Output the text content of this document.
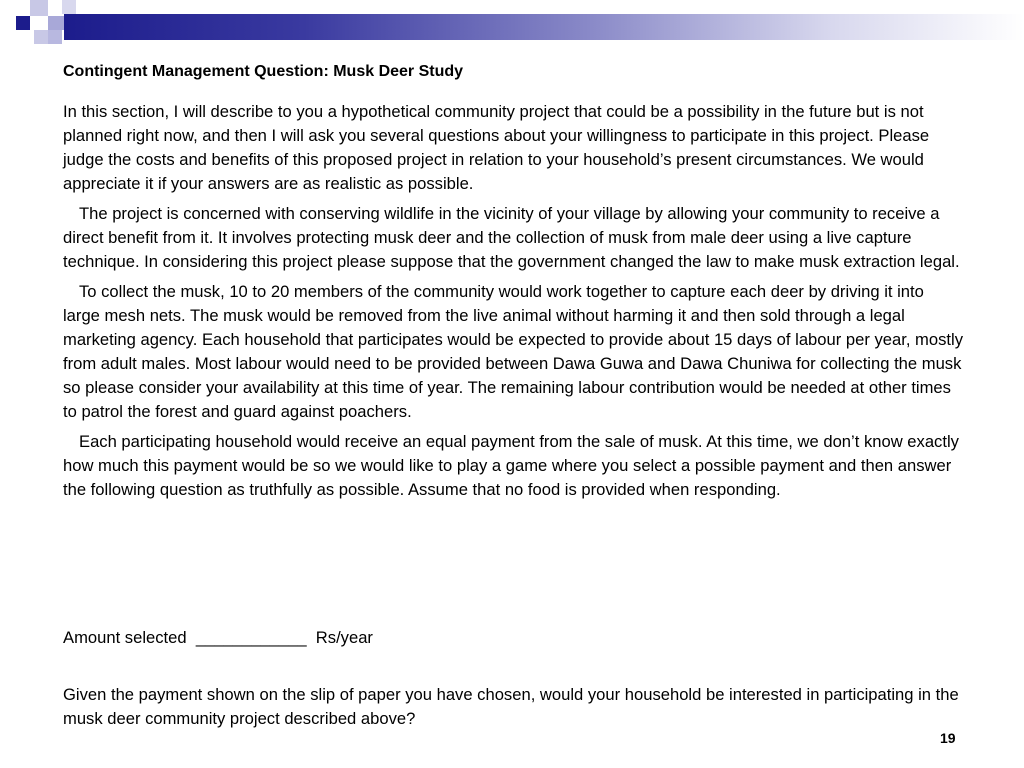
Contingent Management Question: Musk Deer Study

In this section, I will describe to you a hypothetical community project that could be a possibility in the future but is not planned right now, and then I will ask you several questions about your willingness to participate in this project. Please judge the costs and benefits of this proposed project in relation to your household’s present circumstances. We would appreciate it if your answers are as realistic as possible.

The project is concerned with conserving wildlife in the vicinity of your village by allowing your community to receive a direct benefit from it. It involves protecting musk deer and the collection of musk from male deer using a live capture technique. In considering this project please suppose that the government changed the law to make musk extraction legal.

To collect the musk, 10 to 20 members of the community would work together to capture each deer by driving it into large mesh nets. The musk would be removed from the live animal without harming it and then sold through a legal marketing agency. Each household that participates would be expected to provide about 15 days of labour per year, mostly from adult males. Most labour would need to be provided between Dawa Guwa and Dawa Chuniwa for collecting the musk so please consider your availability at this time of year. The remaining labour contribution would be needed at other times to patrol the forest and guard against poachers.

Each participating household would receive an equal payment from the sale of musk. At this time, we don’t know exactly how much this payment would be so we would like to play a game where you select a possible payment and then answer the following question as truthfully as possible. Assume that no food is provided when responding.

Amount selected  ____________  Rs/year
Given the payment shown on the slip of paper you have chosen, would your household be interested in participating in the musk deer community project described above?
19
